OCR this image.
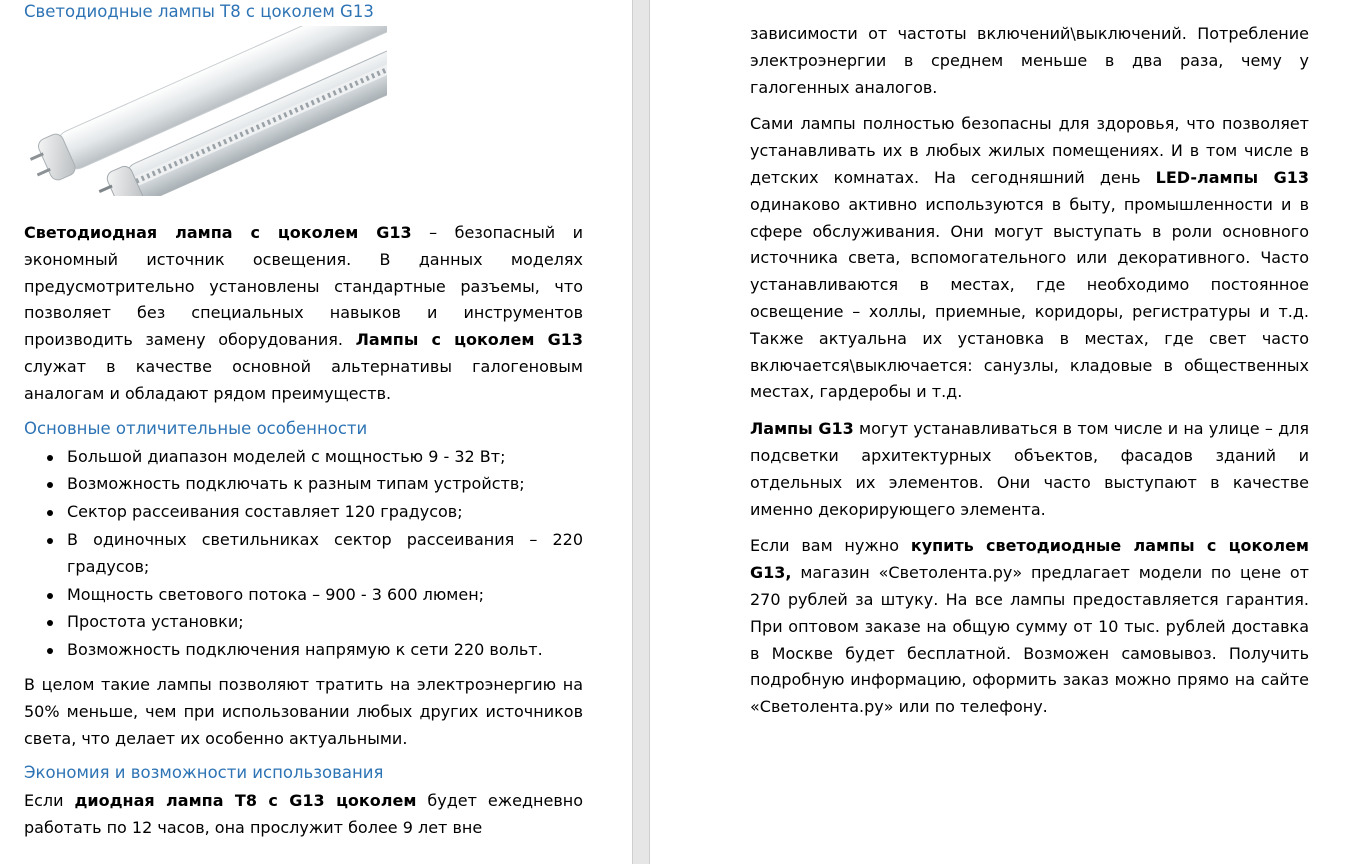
Светодиодные лампы Т8 с цоколем G13

Светодиодная лампа с цоколем G13 – безопасный и экономный источник освещения. В данных моделях предусмотрительно установлены стандартные разъемы, что позволяет без специальных навыков и инструментов производить замену оборудования. Лампы с цоколем G13 служат в качестве основной альтернативы галогеновым аналогам и обладают рядом преимуществ.

Основные отличительные особенности
Большой диапазон моделей с мощностью 9 - 32 Вт;
Возможность подключать к разным типам устройств;
Сектор рассеивания составляет 120 градусов;
В одиночных светильниках сектор рассеивания – 220 градусов;
Мощность светового потока – 900 - 3 600 люмен;
Простота установки;
Возможность подключения напрямую к сети 220 вольт.

В целом такие лампы позволяют тратить на электроэнергию на 50% меньше, чем при использовании любых других источников света, что делает их особенно актуальными.

Экономия и возможности использования

Если диодная лампа Т8 с G13 цоколем будет ежедневно работать по 12 часов, она прослужит более 9 лет вне

зависимости от частоты включений\выключений. Потребление электроэнергии в среднем меньше в два раза, чему у галогенных аналогов.

Сами лампы полностью безопасны для здоровья, что позволяет устанавливать их в любых жилых помещениях. И в том числе в детских комнатах. На сегодняшний день LED-лампы G13 одинаково активно используются в быту, промышленности и в сфере обслуживания. Они могут выступать в роли основного источника света, вспомогательного или декоративного. Часто устанавливаются в местах, где необходимо постоянное освещение – холлы, приемные, коридоры, регистратуры и т.д. Также актуальна их установка в местах, где свет часто включается\выключается: санузлы, кладовые в общественных местах, гардеробы и т.д.

Лампы G13 могут устанавливаться в том числе и на улице – для подсветки архитектурных объектов, фасадов зданий и отдельных их элементов. Они часто выступают в качестве именно декорирующего элемента.

Если вам нужно купить светодиодные лампы с цоколем G13, магазин «Светолента.ру» предлагает модели по цене от 270 рублей за штуку. На все лампы предоставляется гарантия. При оптовом заказе на общую сумму от 10 тыс. рублей доставка в Москве будет бесплатной. Возможен самовывоз. Получить подробную информацию, оформить заказ можно прямо на сайте «Светолента.ру» или по телефону.
